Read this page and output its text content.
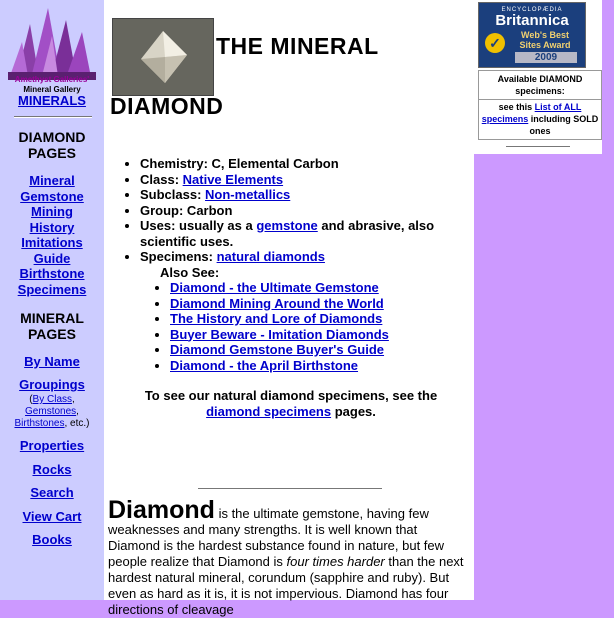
Amethyst Galleries'
Mineral Gallery
MINERALS
DIAMOND
PAGES
Mineral
Gemstone
Mining
History
Imitations
Guide
Birthstone
Specimens
MINERAL
PAGES
By Name
Groupings
(By Class,
Gemstones,
Birthstones, etc.)
Properties
Rocks
Search
View Cart
Books
THE MINERAL
DIAMOND
• Chemistry: C, Elemental Carbon
• Class: Native Elements
• Subclass: Non-metallics
• Group: Carbon
• Uses: usually as a gemstone and abrasive, also scientific uses.
• Specimens: natural diamonds
Also See:
• Diamond - the Ultimate Gemstone
• Diamond Mining Around the World
• The History and Lore of Diamonds
• Buyer Beware - Imitation Diamonds
• Diamond Gemstone Buyer's Guide
• Diamond - the April Birthstone
To see our natural diamond specimens, see the diamond specimens pages.
Diamond is the ultimate gemstone, having few weaknesses and many strengths. It is well known that Diamond is the hardest substance found in nature, but few people realize that Diamond is four times harder than the next hardest natural mineral, corundum (sapphire and ruby). But even as hard as it is, it is not impervious. Diamond has four directions of cleavage
ENCYCLOPÆDIA
Britannica
✓	Web's Best
Sites Award
2009
Available DIAMOND specimens:
see this List of ALL specimens including SOLD ones
